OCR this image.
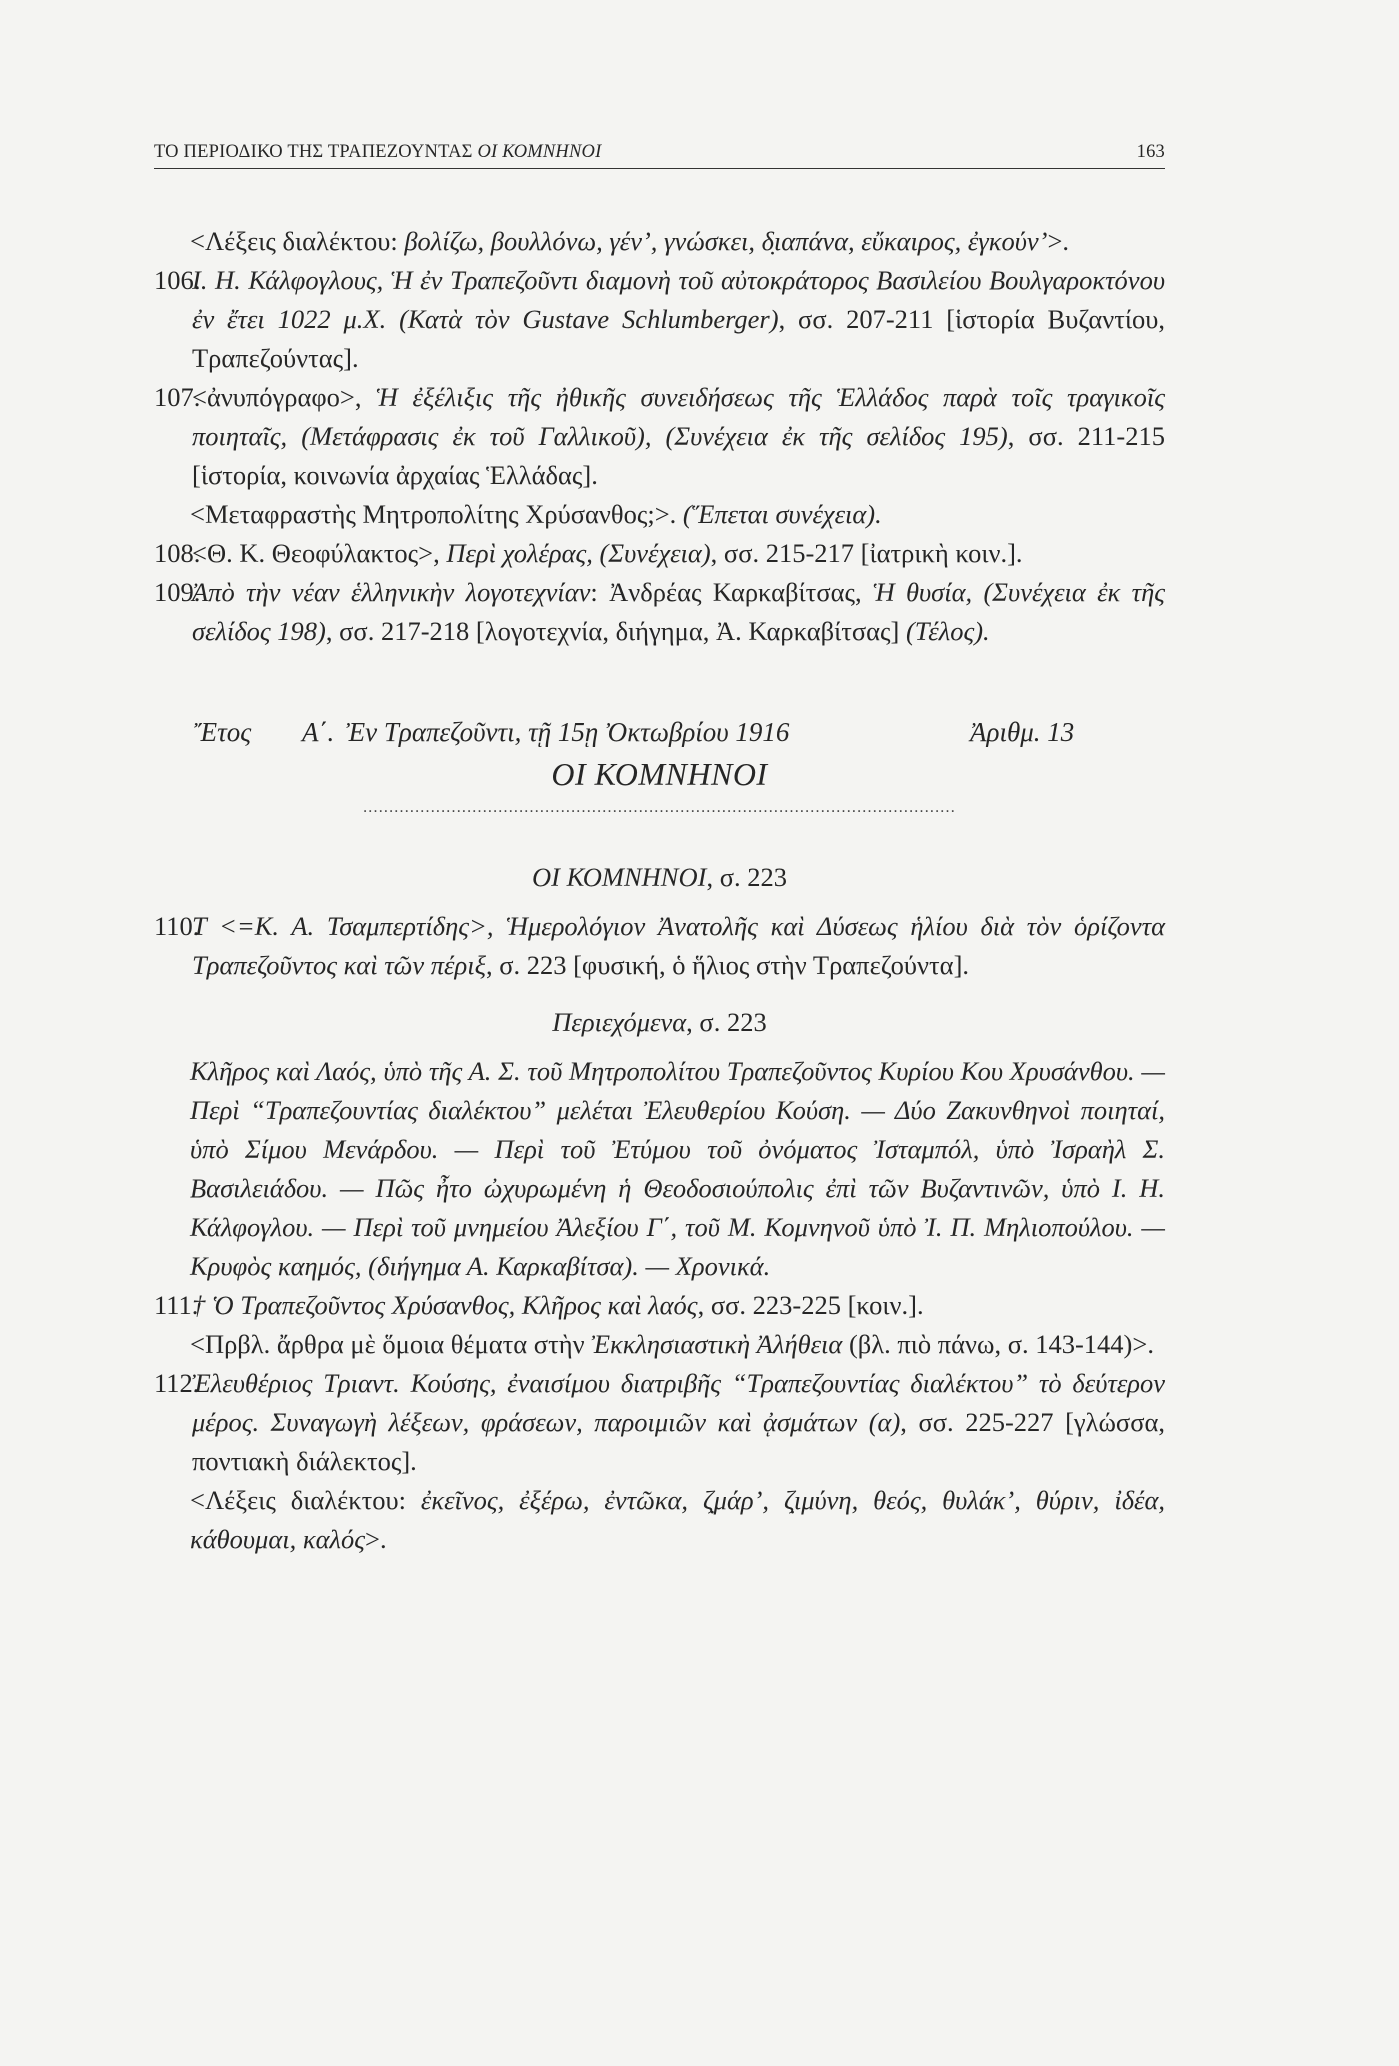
ΤΟ ΠΕΡΙΟΔΙΚΟ ΤΗΣ ΤΡΑΠΕΖΟΥΝΤΑΣ ΟΙ ΚΟΜΝΗΝΟΙ	163

<Λέξεις διαλέκτου: βολίζω, βουλλόνω, γέν’, γνώσκει, δ̣ιαπάνα, εὔκαιρος, ἐγκούν’>.

106.
Ι. Η. Κάλφογλους, Ἡ ἐν Τραπεζοῦντι διαμονὴ τοῦ αὐτοκράτορος Βασιλείου Βουλγαροκτόνου ἐν ἔτει 1022 μ.Χ. (Κατὰ τὸν Gustave Schlumberger), σσ. 207-211 [ἱστορία Βυζαντίου, Τραπεζούντας].
107.
<ἀνυπόγραφο>, Ἡ ἐξέλιξις τῆς ἠθικῆς συνειδήσεως τῆς Ἑλλάδος παρὰ τοῖς τραγικοῖς ποιηταῖς, (Μετάφρασις ἐκ τοῦ Γαλλικοῦ), (Συνέχεια ἐκ τῆς σελίδος 195), σσ. 211-215 [ἱστορία, κοινωνία ἀρχαίας Ἑλλάδας].

<Μεταφραστὴς Μητροπολίτης Χρύσανθος;>. (Ἕπεται συνέχεια).

108.
<Θ. Κ. Θεοφύλακτος>, Περὶ χολέρας, (Συνέχεια), σσ. 215-217 [ἰατρικὴ κοιν.].
109.
Ἀπὸ τὴν νέαν ἑλληνικὴν λογοτεχνίαν: Ἀνδρέας Καρκαβίτσας, Ἡ θυσία, (Συνέχεια ἐκ τῆς σελίδος 198), σσ. 217-218 [λογοτεχνία, διήγημα, Ἀ. Καρκαβίτσας] (Τέλος).
Ἔτος Α΄. Ἐν Τραπεζοῦντι, τῇ 15ῃ Ὀκτωβρίου 1916	Ἀριθμ. 13
ΟΙ ΚΟΜΝΗΝΟΙ
..................................................................................................................
ΟΙ ΚΟΜΝΗΝΟΙ, σ. 223
110.
Τ <=Κ. Α. Τσαμπερτίδης>, Ἡμερολόγιον Ἀνατολῆς καὶ Δύσεως ἡλίου διὰ τὸν ὁρίζοντα Τραπεζοῦντος καὶ τῶν πέριξ, σ. 223 [φυσική, ὁ ἥλιος στὴν Τραπεζούντα].
Περιεχόμενα, σ. 223

Κλῆρος καὶ Λαός, ὑπὸ τῆς Α. Σ. τοῦ Μητροπολίτου Τραπεζοῦντος Κυρίου Κου Χρυσάνθου. — Περὶ “Τραπεζουντίας διαλέκτου” μελέται Ἐλευθερίου Κούση. — Δύο Ζακυνθηνοὶ ποιηταί, ὑπὸ Σίμου Μενάρδου. — Περὶ τοῦ Ἐτύμου τοῦ ὀνόματος Ἰσταμπόλ, ὑπὸ Ἰσραὴλ Σ. Βασιλειάδου. — Πῶς ἦτο ὠχυρωμένη ἡ Θεοδοσιούπολις ἐπὶ τῶν Βυζαντινῶν, ὑπὸ Ι. Η. Κάλφογλου. — Περὶ τοῦ μνημείου Ἀλεξίου Γ΄, τοῦ Μ. Κομνηνοῦ ὑπὸ Ἰ. Π. Μηλιοπούλου. — Κρυφὸς καημός, (διήγημα Α. Καρκαβίτσα). — Χρονικά.

111.
† Ὁ Τραπεζοῦντος Χρύσανθος, Κλῆρος καὶ λαός, σσ. 223-225 [κοιν.].

<Πρβλ. ἄρθρα μὲ ὅμοια θέματα στὴν Ἐκκλησιαστικὴ Ἀλήθεια (βλ. πιὸ πάνω, σ. 143-144)>.

112.
Ἐλευθέριος Τριαντ. Κούσης, ἐναισίμου διατριβῆς “Τραπεζουντίας διαλέκτου” τὸ δεύτερον μέρος. Συναγωγὴ λέξεων, φράσεων, παροιμιῶν καὶ ᾀσμάτων (α), σσ. 225-227 [γλώσσα, ποντιακὴ διάλεκτος].

<Λέξεις διαλέκτου: ἐκεῖνος, ἐξέρω, ἐντῶκα, ζ̣μάρ’, ζ̣ιμύνη, θεός, θυλάκ’, θύριν, ἰδέα, κάθουμαι, καλός>.
